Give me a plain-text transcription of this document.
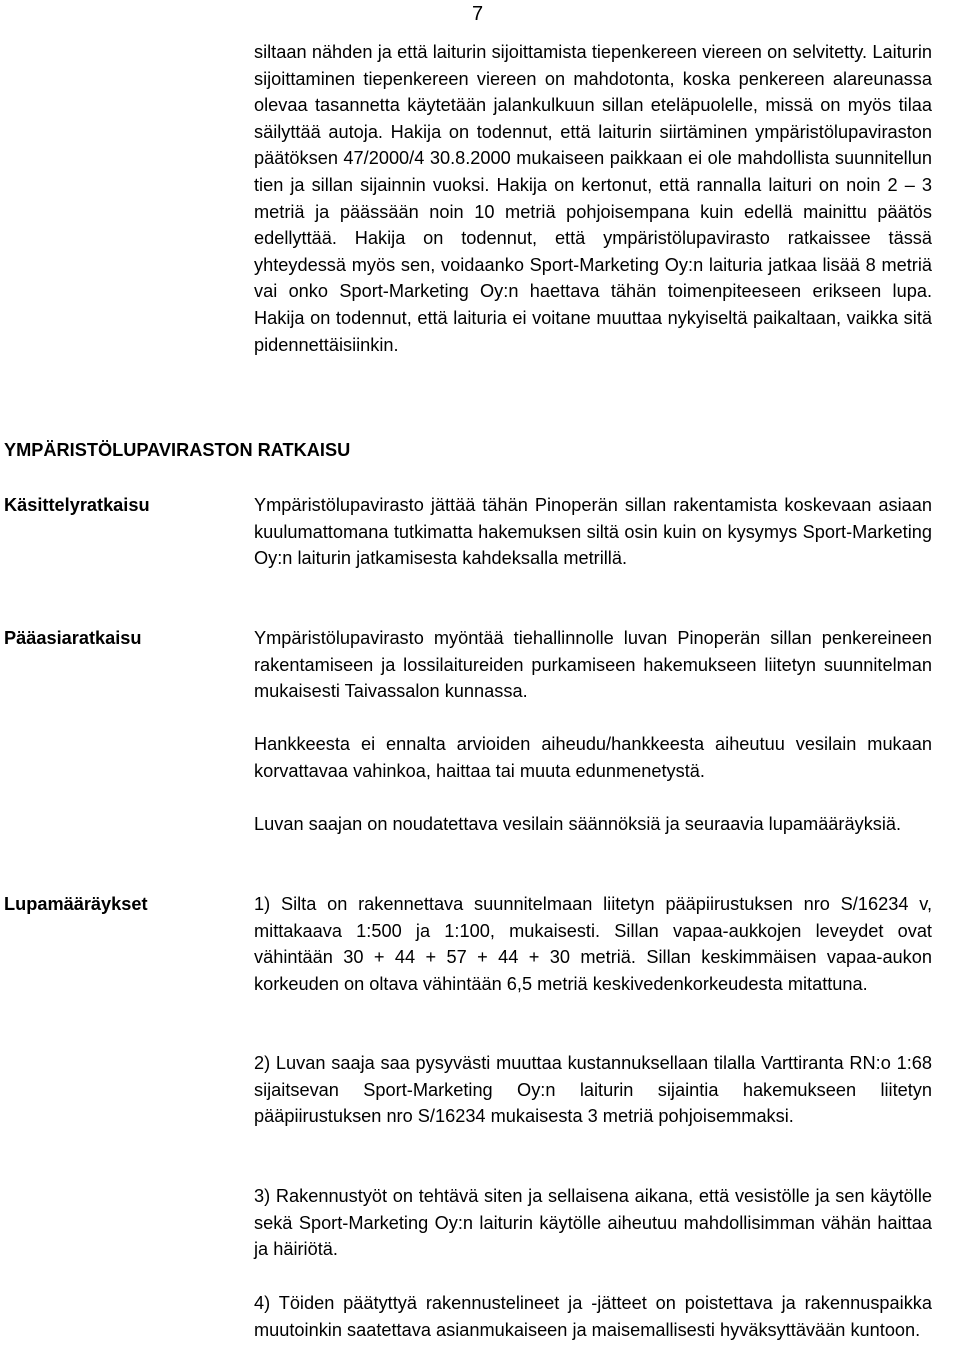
7

siltaan nähden ja että laiturin sijoittamista tiepenkereen viereen on selvitetty. Laiturin sijoittaminen tiepenkereen viereen on mahdotonta, koska penkereen alareunassa olevaa tasannetta käytetään jalankulkuun sillan eteläpuolelle, missä on myös tilaa säilyttää autoja. Hakija on todennut, että laiturin siirtäminen ympäristölupaviraston päätöksen 47/2000/4 30.8.2000 mukaiseen paikkaan ei ole mahdollista suunnitellun tien ja sillan sijainnin vuoksi. Hakija on kertonut, että rannalla laituri on noin 2 – 3 metriä ja päässään noin 10 metriä pohjoisempana kuin edellä mainittu päätös edellyttää. Hakija on todennut, että ympäristölupavirasto ratkaissee tässä yhteydessä myös sen, voidaanko Sport-Marketing Oy:n laituria jatkaa lisää 8 metriä vai onko Sport-Marketing Oy:n haettava tähän toimenpiteeseen erikseen lupa. Hakija on todennut, että laituria ei voitane muuttaa nykyiseltä paikaltaan, vaikka sitä pidennettäisiinkin.

YMPÄRISTÖLUPAVIRASTON RATKAISU
Käsittelyratkaisu	Ympäristölupavirasto jättää tähän Pinoperän sillan rakentamista koskevaan asiaan kuulumattomana tutkimatta hakemuksen siltä osin kuin on kysymys Sport-Marketing Oy:n laiturin jatkamisesta kahdeksalla metrillä.

Pääasiaratkaisu	Ympäristölupavirasto myöntää tiehallinnolle luvan Pinoperän sillan penkereineen rakentamiseen ja lossilaitureiden purkamiseen hakemukseen liitetyn suunnitelman mukaisesti Taivassalon kunnassa.

Hankkeesta ei ennalta arvioiden aiheudu/hankkeesta aiheutuu vesilain mukaan korvattavaa vahinkoa, haittaa tai muuta edunmenetystä.

Luvan saajan on noudatettava vesilain säännöksiä ja seuraavia lupamääräyksiä.

Lupamääräykset	1) Silta on rakennettava suunnitelmaan liitetyn pääpiirustuksen nro S/16234 v, mittakaava 1:500 ja 1:100, mukaisesti. Sillan vapaa-aukkojen leveydet ovat vähintään 30 + 44 + 57 + 44 + 30 metriä. Sillan keskimmäisen vapaa-aukon korkeuden on oltava vähintään 6,5 metriä keskivedenkorkeudesta mitattuna.

2) Luvan saaja saa pysyvästi muuttaa kustannuksellaan tilalla Varttiranta RN:o 1:68 sijaitsevan Sport-Marketing Oy:n laiturin sijaintia hakemukseen liitetyn pääpiirustuksen nro S/16234 mukaisesta 3 metriä pohjoisemmaksi.

3) Rakennustyöt on tehtävä siten ja sellaisena aikana, että vesistölle ja sen käytölle sekä Sport-Marketing Oy:n laiturin käytölle aiheutuu mahdollisimman vähän haittaa ja häiriötä.

4) Töiden päätyttyä rakennustelineet ja -jätteet on poistettava ja rakennuspaikka muutoinkin saatettava asianmukaiseen ja maisemallisesti hyväksyttävään kuntoon.
